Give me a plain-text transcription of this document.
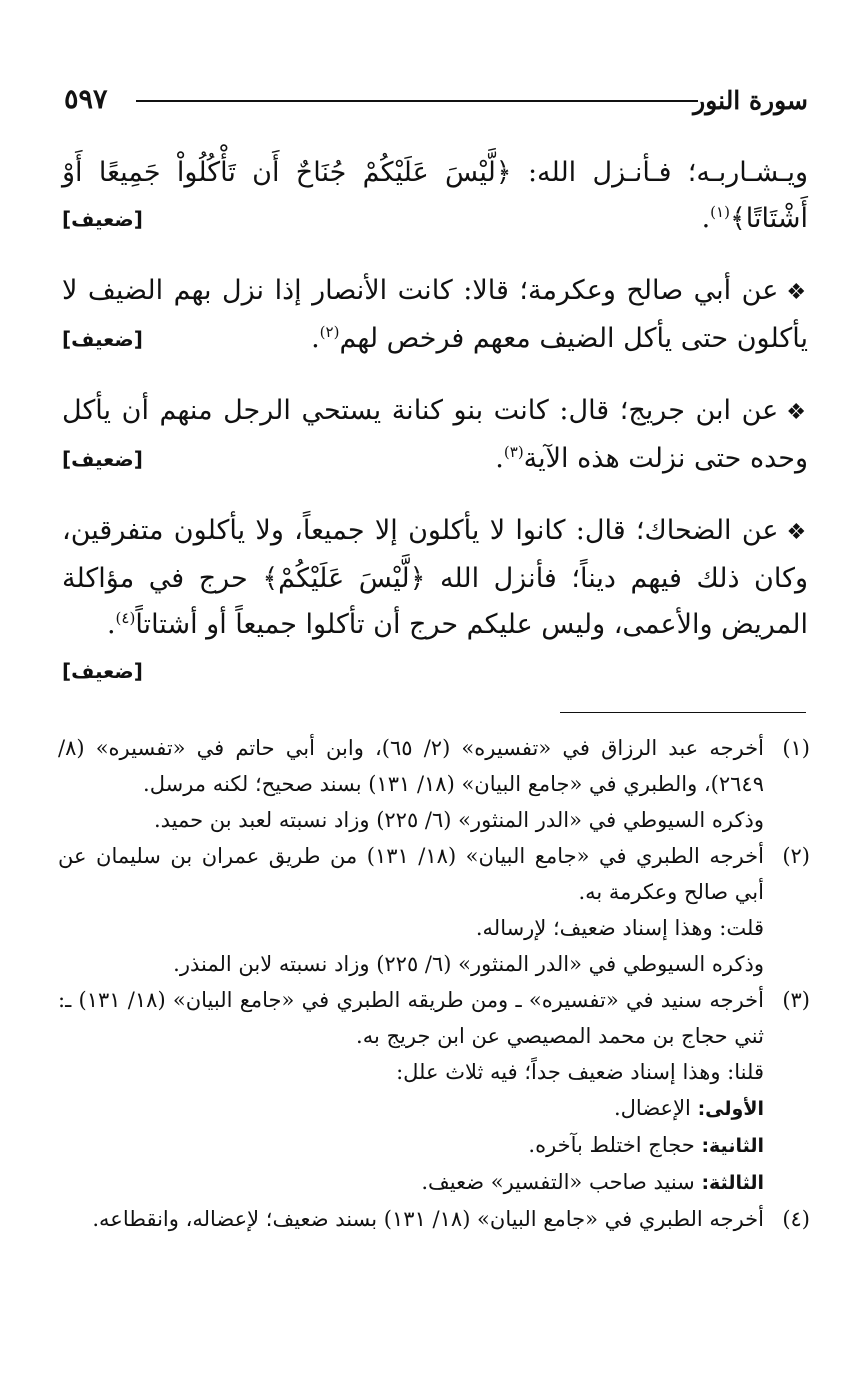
سورة النور
٥٩٧
ويـشـاربـه؛ فـأنـزل الله: ﴿لَّيْسَ عَلَيْكُمْ جُنَاحٌ أَن تَأْكُلُواْ جَمِيعًا أَوْ أَشْتَاتًا﴾$^{(١)}$.
[ضعيف]
❖عن أبي صالح وعكرمة؛ قالا: كانت الأنصار إذا نزل بهم الضيف لا يأكلون حتى يأكل الضيف معهم فرخص لهم$^{(٢)}$.
[ضعيف]
❖عن ابن جريج؛ قال: كانت بنو كنانة يستحي الرجل منهم أن يأكل وحده حتى نزلت هذه الآية$^{(٣)}$.
[ضعيف]
❖عن الضحاك؛ قال: كانوا لا يأكلون إلا جميعاً، ولا يأكلون متفرقين، وكان ذلك فيهم ديناً؛ فأنزل الله ﴿لَّيْسَ عَلَيْكُمْ﴾ حرج في مؤاكلة المريض والأعمى، وليس عليكم حرج أن تأكلوا جميعاً أو أشتاتاً$^{(٤)}$.
[ضعيف]
(١)

أخرجه عبد الرزاق في «تفسيره» (٢/ ٦٥)، وابن أبي حاتم في «تفسيره» (٨/ ٢٦٤٩)، والطبري في «جامع البيان» (١٨/ ١٣١) بسند صحيح؛ لكنه مرسل.

وذكره السيوطي في «الدر المنثور» (٦/ ٢٢٥) وزاد نسبته لعبد بن حميد.

(٢)

أخرجه الطبري في «جامع البيان» (١٨/ ١٣١) من طريق عمران بن سليمان عن أبي صالح وعكرمة به.

قلت: وهذا إسناد ضعيف؛ لإرساله.

وذكره السيوطي في «الدر المنثور» (٦/ ٢٢٥) وزاد نسبته لابن المنذر.

(٣)

أخرجه سنيد في «تفسيره» ـ ومن طريقه الطبري في «جامع البيان» (١٨/ ١٣١) ـ: ثني حجاج بن محمد المصيصي عن ابن جريج به.

قلنا: وهذا إسناد ضعيف جداً؛ فيه ثلاث علل:

الأولى: الإعضال.

الثانية: حجاج اختلط بآخره.

الثالثة: سنيد صاحب «التفسير» ضعيف.

(٤)

أخرجه الطبري في «جامع البيان» (١٨/ ١٣١) بسند ضعيف؛ لإعضاله، وانقطاعه.
